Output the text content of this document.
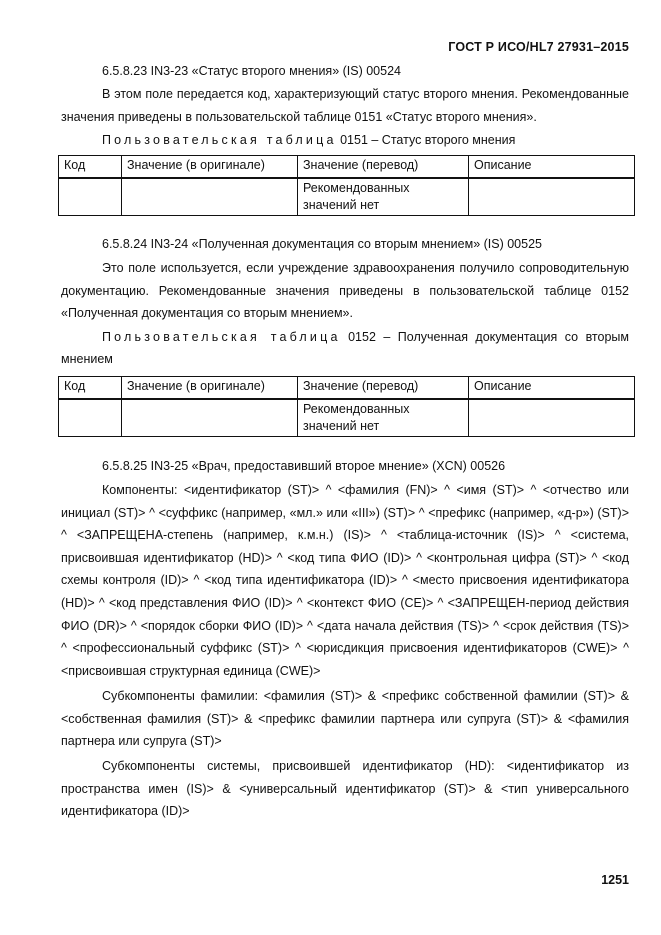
ГОСТ Р ИСО/HL7 27931–2015
6.5.8.23 IN3-23 «Статус второго мнения» (IS) 00524
В этом поле передается код, характеризующий статус второго мнения. Рекомендованные значения приведены в пользовательской таблице 0151 «Статус второго мнения».
Пользовательская таблица 0151 – Статус второго мнения
Код	Значение (в оригинале)	Значение (перевод)	Описание
		Рекомендованных значений нет	
6.5.8.24 IN3-24 «Полученная документация со вторым мнением» (IS) 00525
Это поле используется, если учреждение здравоохранения получило сопроводительную документацию. Рекомендованные значения приведены в пользовательской таблице 0152 «Полученная документация со вторым мнением».
Пользовательская таблица 0152 – Полученная документация со вторым мнением
Код	Значение (в оригинале)	Значение (перевод)	Описание
		Рекомендованных значений нет	
6.5.8.25 IN3-25 «Врач, предоставивший второе мнение» (XCN) 00526
Компоненты: <идентификатор (ST)> ^ <фамилия (FN)> ^ <имя (ST)> ^ <отчество или инициал (ST)> ^ <суффикс (например, «мл.» или «III») (ST)> ^ <префикс (например, «д-р») (ST)> ^ <ЗАПРЕЩЕНА-степень (например, к.м.н.) (IS)> ^ <таблица-источник (IS)> ^ <система, присвоившая идентификатор (HD)> ^ <код типа ФИО (ID)> ^ <контрольная цифра (ST)> ^ <код схемы контроля (ID)> ^ <код типа идентификатора (ID)> ^ <место присвоения идентификатора (HD)> ^ <код представления ФИО (ID)> ^ <контекст ФИО (CE)> ^ <ЗАПРЕЩЕН-период действия ФИО (DR)> ^ <порядок сборки ФИО (ID)> ^ <дата начала действия (TS)> ^ <срок действия (TS)> ^ <профессиональный суффикс (ST)> ^ <юрисдикция присвоения идентификаторов (CWE)> ^ <присвоившая структурная единица (CWE)>
Субкомпоненты фамилии: <фамилия (ST)> & <префикс собственной фамилии (ST)> & <собственная фамилия (ST)> & <префикс фамилии партнера или супруга (ST)> & <фамилия партнера или супруга (ST)>
Субкомпоненты системы, присвоившей идентификатор (HD): <идентификатор из пространства имен (IS)> & <универсальный идентификатор (ST)> & <тип универсального идентификатора (ID)>
1251
